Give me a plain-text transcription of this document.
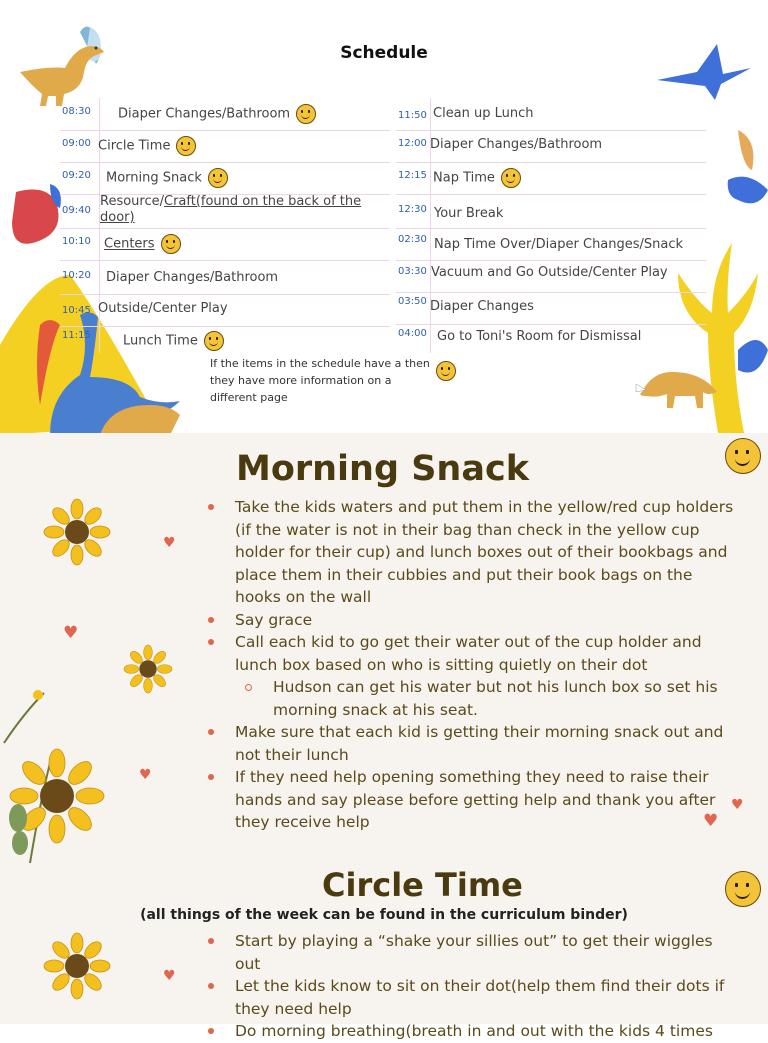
Schedule
08:30 Diaper Changes/Bathroom
09:00 Circle Time
09:20 Morning Snack
09:40
Resource/Craft(found on the back of the
door)
10:10 Centers
10:20 Diaper Changes/Bathroom
10:45 Outside/Center Play
11:15 Lunch Time
11:50 Clean up Lunch
12:00 Diaper Changes/Bathroom
12:15 Nap Time
12:30 Your Break
02:30 Nap Time Over/Diaper Changes/Snack
03:30 Vacuum and Go Outside/Center Play
03:50 Diaper Changes
04:00 Go to Toni's Room for Dismissal
If the items in the schedule have a then they have more information on a different page
♥
♥
♥
♥
♥
♥
Morning Snack
Take the kids waters and put them in the yellow/red cup holders (if the water is not in their bag than check in the yellow cup holder for their cup) and lunch boxes out of their bookbags and place them in their cubbies and put their book bags on the hooks on the wall
Say grace
Call each kid to go get their water out of the cup holder and lunch box based on who is sitting quietly on their dot
Hudson can get his water but not his lunch box so set his morning snack at his seat.
Make sure that each kid is getting their morning snack out and not their lunch
If they need help opening something they need to raise their hands and say please before getting help and thank you after they receive help
Circle Time
(all things of the week can be found in the curriculum binder)
Start by playing a “shake your sillies out” to get their wiggles out
Let the kids know to sit on their dot(help them find their dots if they need help
Do morning breathing(breath in and out with the kids 4 times
